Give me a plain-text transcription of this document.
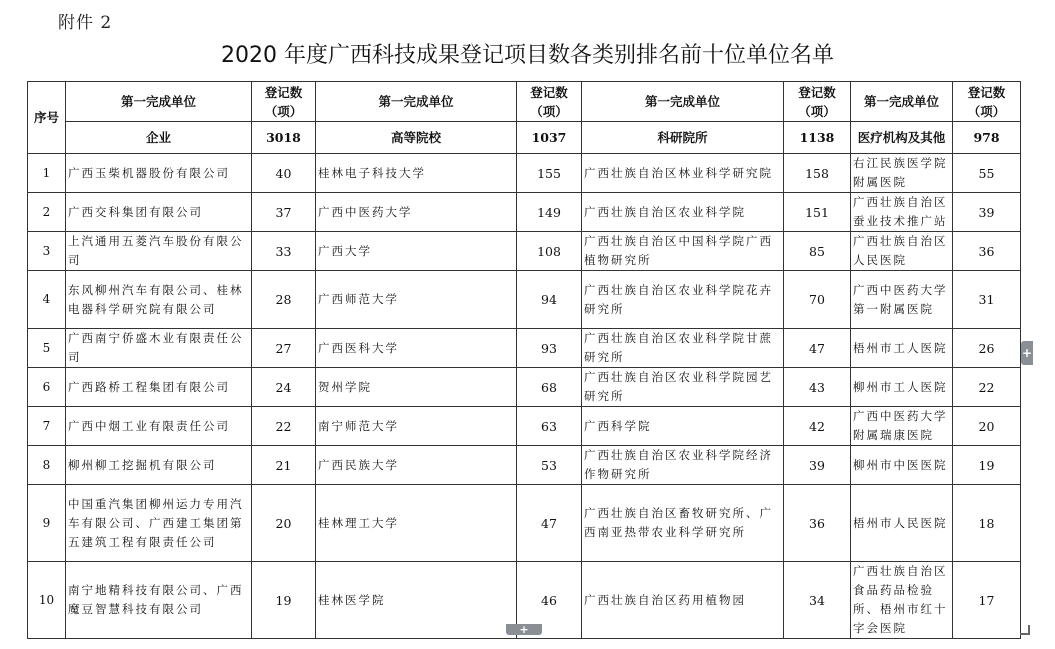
附件 2
2020 年度广西科技成果登记项目数各类别排名前十位单位名单
序号	第一完成单位	登记数（项）	第一完成单位	登记数（项）	第一完成单位	登记数（项）	第一完成单位	登记数（项）
	企业	3018	高等院校	1037	科研院所	1138	医疗机构及其他	978
1	广西玉柴机器股份有限公司	40	桂林电子科技大学	155	广西壮族自治区林业科学研究院	158	右江民族医学院附属医院	55
2	广西交科集团有限公司	37	广西中医药大学	149	广西壮族自治区农业科学院	151	广西壮族自治区蚕业技术推广站	39
3	上汽通用五菱汽车股份有限公司	33	广西大学	108	广西壮族自治区中国科学院广西植物研究所	85	广西壮族自治区人民医院	36
4	东风柳州汽车有限公司、桂林电器科学研究院有限公司	28	广西师范大学	94	广西壮族自治区农业科学院花卉研究所	70	广西中医药大学第一附属医院	31
5	广西南宁侨盛木业有限责任公司	27	广西医科大学	93	广西壮族自治区农业科学院甘蔗研究所	47	梧州市工人医院	26
6	广西路桥工程集团有限公司	24	贺州学院	68	广西壮族自治区农业科学院园艺研究所	43	柳州市工人医院	22
7	广西中烟工业有限责任公司	22	南宁师范大学	63	广西科学院	42	广西中医药大学附属瑞康医院	20
8	柳州柳工挖掘机有限公司	21	广西民族大学	53	广西壮族自治区农业科学院经济作物研究所	39	柳州市中医医院	19
9	中国重汽集团柳州运力专用汽车有限公司、广西建工集团第五建筑工程有限责任公司	20	桂林理工大学	47	广西壮族自治区畜牧研究所、广西南亚热带农业科学研究所	36	梧州市人民医院	18
10	南宁地精科技有限公司、广西魔豆智慧科技有限公司	19	桂林医学院	46	广西壮族自治区药用植物园	34	广西壮族自治区食品药品检验所、梧州市红十字会医院	17
+
+
